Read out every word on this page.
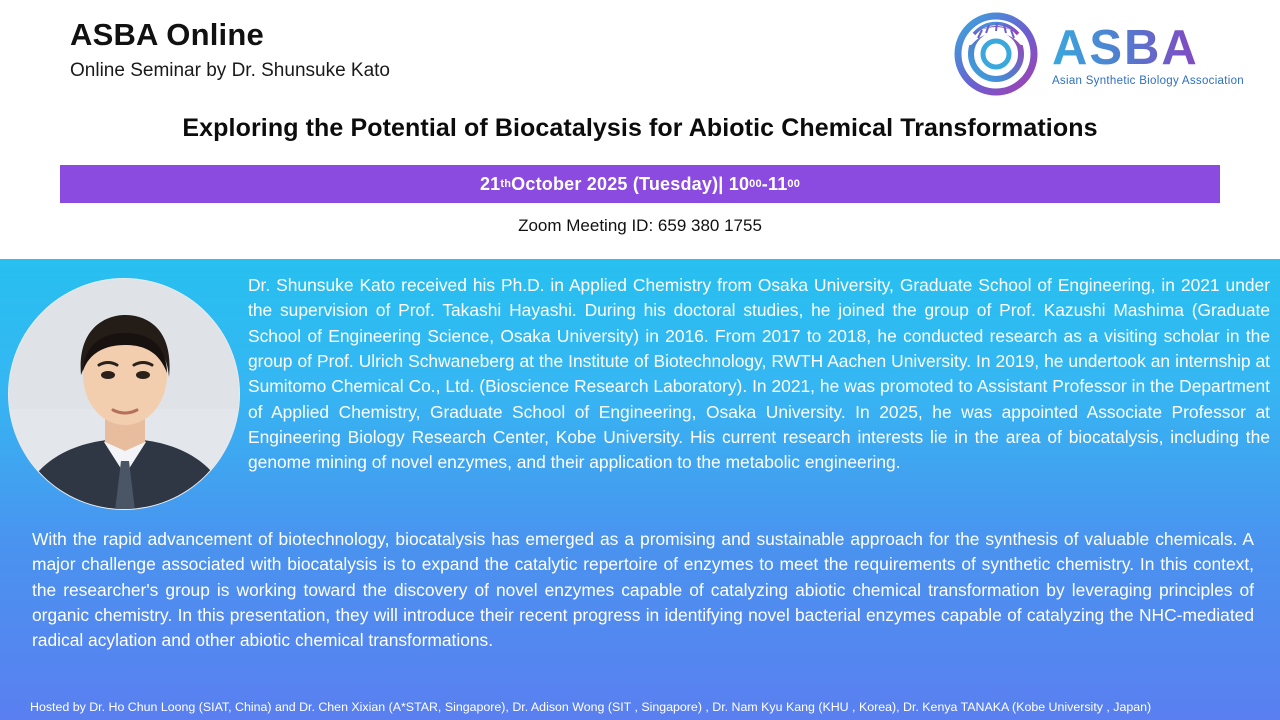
ASBA Online
Online Seminar by Dr. Shunsuke Kato	ASBA
Asian Synthetic Biology Association
Exploring the Potential of Biocatalysis for Abiotic Chemical Transformations
21 th October 2025 (Tuesday)| 10 00 -11 00
Zoom Meeting ID: 659 380 1755
Dr. Shunsuke Kato received his Ph.D. in Applied Chemistry from Osaka University, Graduate School of Engineering, in 2021 under the supervision of Prof. Takashi Hayashi. During his doctoral studies, he joined the group of Prof. Kazushi Mashima (Graduate School of Engineering Science, Osaka University) in 2016. From 2017 to 2018, he conducted research as a visiting scholar in the group of Prof. Ulrich Schwaneberg at the Institute of Biotechnology, RWTH Aachen University. In 2019, he undertook an internship at Sumitomo Chemical Co., Ltd. (Bioscience Research Laboratory). In 2021, he was promoted to Assistant Professor in the Department of Applied Chemistry, Graduate School of Engineering, Osaka University. In 2025, he was appointed Associate Professor at Engineering Biology Research Center, Kobe University. His current research interests lie in the area of biocatalysis, including the genome mining of novel enzymes, and their application to the metabolic engineering.
With the rapid advancement of biotechnology, biocatalysis has emerged as a promising and sustainable approach for the synthesis of valuable chemicals. A major challenge associated with biocatalysis is to expand the catalytic repertoire of enzymes to meet the requirements of synthetic chemistry. In this context, the researcher's group is working toward the discovery of novel enzymes capable of catalyzing abiotic chemical transformation by leveraging principles of organic chemistry. In this presentation, they will introduce their recent progress in identifying novel bacterial enzymes capable of catalyzing the NHC-mediated radical acylation and other abiotic chemical transformations.
Hosted by Dr. Ho Chun Loong (SIAT, China) and Dr. Chen Xixian (A*STAR, Singapore), Dr. Adison Wong (SIT , Singapore) , Dr. Nam Kyu Kang (KHU , Korea), Dr. Kenya TANAKA (Kobe University , Japan)
